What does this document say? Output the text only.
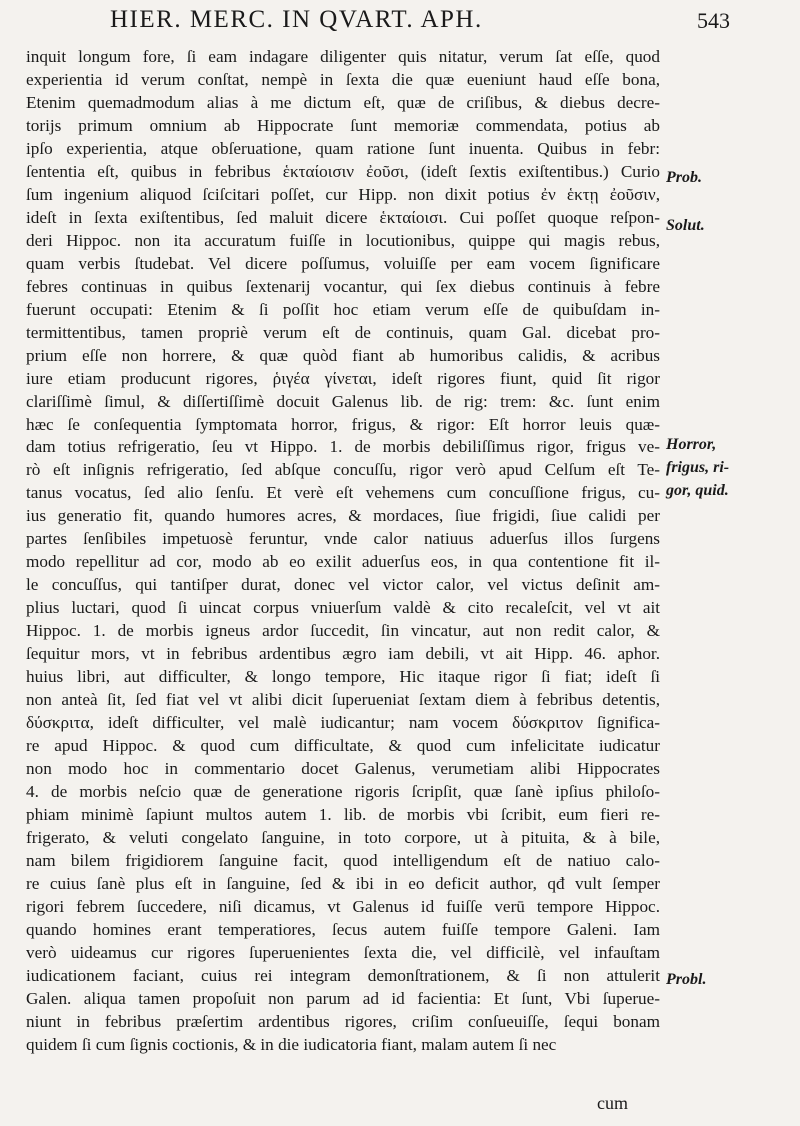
HIER. MERC. IN QVART. APH.	543
inquit longum fore, ſi eam indagare diligenter quis nitatur, verum ſat eſſe, quod
experientia id verum conſtat, nempè in ſexta die quæ eueniunt haud eſſe bona,
Etenim quemadmodum alias à me dictum eſt, quæ de criſibus, & diebus decre-
torijs primum omnium ab Hippocrate ſunt memoriæ commendata, potius ab
ipſo experientia, atque obſeruatione, quam ratione ſunt inuenta. Quibus in febr:
ſententia eſt, quibus in febribus ἑκταίοισιν ἐοῦσι, (ideſt ſextis exiſtentibus.) Curio
ſum ingenium aliquod ſciſcitari poſſet, cur Hipp. non dixit potius ἐν ἑκτῃ ἐοῦσιν,
ideſt in ſexta exiſtentibus, ſed maluit dicere ἑκταίοισι. Cui poſſet quoque reſpon-
deri Hippoc. non ita accuratum fuiſſe in locutionibus, quippe qui magis rebus,
quam verbis ſtudebat. Vel dicere poſſumus, voluiſſe per eam vocem ſignificare
febres continuas in quibus ſextenarij vocantur, qui ſex diebus continuis à febre
fuerunt occupati: Etenim & ſi poſſit hoc etiam verum eſſe de quibuſdam in-
termittentibus, tamen propriè verum eſt de continuis, quam Gal. dicebat pro-
prium eſſe non horrere, & quæ quòd fiant ab humoribus calidis, & acribus
iure etiam producunt rigores, ῥιγέα γίνεται, ideſt rigores fiunt, quid ſit rigor
clariſſimè ſimul, & diſſertiſſimè docuit Galenus lib. de rig: trem: &c. ſunt enim
hæc ſe conſequentia ſymptomata horror, frigus, & rigor: Eſt horror leuis quæ-
dam totius refrigeratio, ſeu vt Hippo. 1. de morbis debiliſſimus rigor, frigus ve-
rò eſt inſignis refrigeratio, ſed abſque concuſſu, rigor verò apud Celſum eſt Te-
tanus vocatus, ſed alio ſenſu. Et verè eſt vehemens cum concuſſione frigus, cu-
ius generatio fit, quando humores acres, & mordaces, ſiue frigidi, ſiue calidi per
partes ſenſibiles impetuosè feruntur, vnde calor natiuus aduerſus illos ſurgens
modo repellitur ad cor, modo ab eo exilit aduerſus eos, in qua contentione fit il-
le concuſſus, qui tantiſper durat, donec vel victor calor, vel victus deſinit am-
plius luctari, quod ſi uincat corpus vniuerſum valdè & cito recaleſcit, vel vt ait
Hippoc. 1. de morbis igneus ardor ſuccedit, ſin vincatur, aut non redit calor, &
ſequitur mors, vt in febribus ardentibus ægro iam debili, vt ait Hipp. 46. aphor.
huius libri, aut difficulter, & longo tempore, Hic itaque rigor ſi fiat; ideſt ſi
non anteà ſit, ſed fiat vel vt alibi dicit ſuperueniat ſextam diem à febribus detentis,
δύσκριτα, ideſt difficulter, vel malè iudicantur; nam vocem δύσκριτον ſignifica-
re apud Hippoc. & quod cum difficultate, & quod cum infelicitate iudicatur
non modo hoc in commentario docet Galenus, verumetiam alibi Hippocrates
4. de morbis neſcio quæ de generatione rigoris ſcripſit, quæ ſanè ipſius philoſo-
phiam minimè ſapiunt multos autem 1. lib. de morbis vbi ſcribit, eum fieri re-
frigerato, & veluti congelato ſanguine, in toto corpore, ut à pituita, & à bile,
nam bilem frigidiorem ſanguine facit, quod intelligendum eſt de natiuo calo-
re cuius ſanè plus eſt in ſanguine, ſed & ibi in eo deficit author, qđ vult ſemper
rigori febrem ſuccedere, niſi dicamus, vt Galenus id fuiſſe verū tempore Hippoc.
quando homines erant temperatiores, ſecus autem fuiſſe tempore Galeni. Iam
verò uideamus cur rigores ſuperuenientes ſexta die, vel difficilè, vel infauſtam
iudicationem faciant, cuius rei integram demonſtrationem, & ſi non attulerit
Galen. aliqua tamen propoſuit non parum ad id facientia: Et ſunt, Vbi ſuperue-
niunt in febribus præſertim ardentibus rigores, criſim conſueuiſſe, ſequi bonam
quidem ſi cum ſignis coctionis, & in die iudicatoria fiant, malam autem ſi nec
Prob.
Solut.
Horror,
frigus, ri-
gor, quid.
Probl.
cum
